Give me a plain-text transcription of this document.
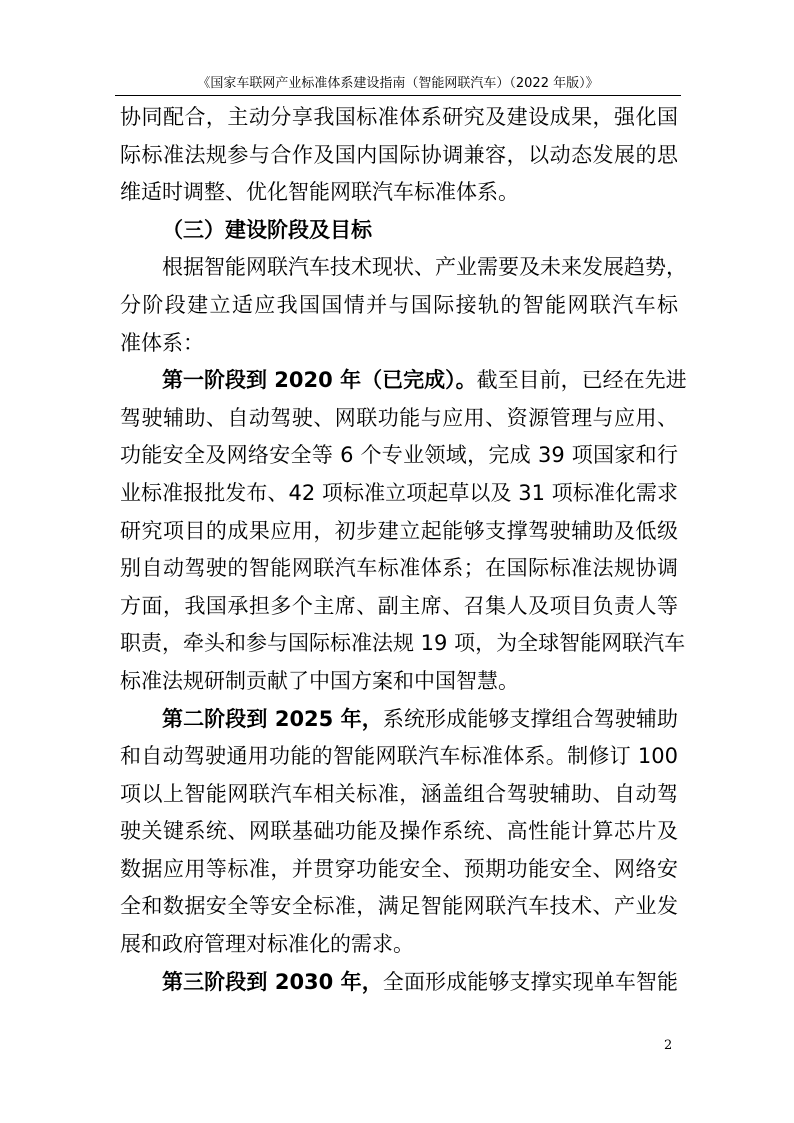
《国家车联网产业标准体系建设指南（智能网联汽车）（2022 年版）》
协同配合，主动分享我国标准体系研究及建设成果，强化国
际标准法规参与合作及国内国际协调兼容，以动态发展的思
维适时调整、优化智能网联汽车标准体系。
（三）建设阶段及目标
根据智能网联汽车技术现状、产业需要及未来发展趋势，
分阶段建立适应我国国情并与国际接轨的智能网联汽车标
准体系：
第一阶段到 2020 年（已完成）。截至目前，已经在先进
驾驶辅助、自动驾驶、网联功能与应用、资源管理与应用、
功能安全及网络安全等 6 个专业领域，完成 39 项国家和行
业标准报批发布、42 项标准立项起草以及 31 项标准化需求
研究项目的成果应用，初步建立起能够支撑驾驶辅助及低级
别自动驾驶的智能网联汽车标准体系；在国际标准法规协调
方面，我国承担多个主席、副主席、召集人及项目负责人等
职责，牵头和参与国际标准法规 19 项，为全球智能网联汽车
标准法规研制贡献了中国方案和中国智慧。
第二阶段到 2025 年，系统形成能够支撑组合驾驶辅助
和自动驾驶通用功能的智能网联汽车标准体系。制修订 100
项以上智能网联汽车相关标准，涵盖组合驾驶辅助、自动驾
驶关键系统、网联基础功能及操作系统、高性能计算芯片及
数据应用等标准，并贯穿功能安全、预期功能安全、网络安
全和数据安全等安全标准，满足智能网联汽车技术、产业发
展和政府管理对标准化的需求。
第三阶段到 2030 年，全面形成能够支撑实现单车智能
2
